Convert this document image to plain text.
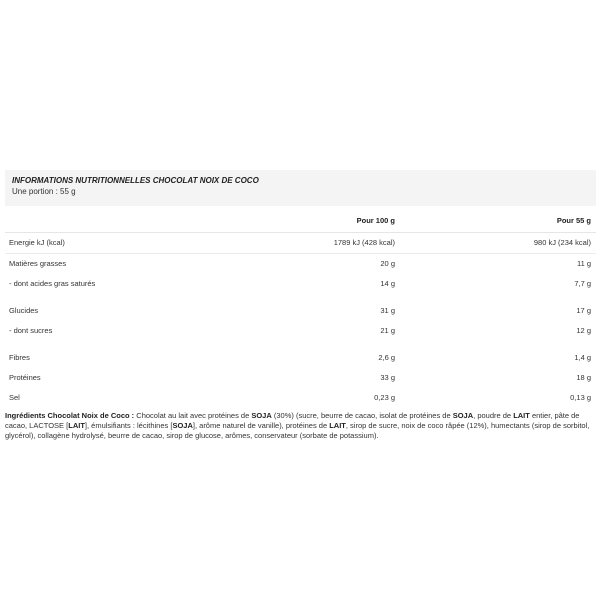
INFORMATIONS NUTRITIONNELLES CHOCOLAT NOIX DE COCO
Une portion : 55 g
	Pour 100 g	Pour 55 g
Energie kJ (kcal)	1789 kJ (428 kcal)	980 kJ (234 kcal)
Matières grasses	20 g	11 g
- dont acides gras saturés	14 g	7,7 g

Glucides	31 g	17 g
- dont sucres	21 g	12 g

Fibres	2,6 g	1,4 g
Protéines	33 g	18 g
Sel	0,23 g	0,13 g
Ingrédients Chocolat Noix de Coco : Chocolat au lait avec protéines de SOJA (30%) (sucre, beurre de cacao, isolat de protéines de SOJA, poudre de LAIT entier, pâte de cacao, LACTOSE [LAIT], émulsifiants : lécithines [SOJA], arôme naturel de vanille), protéines de LAIT, sirop de sucre, noix de coco râpée (12%), humectants (sirop de sorbitol, glycérol), collagène hydrolysé, beurre de cacao, sirop de glucose, arômes, conservateur (sorbate de potassium).
